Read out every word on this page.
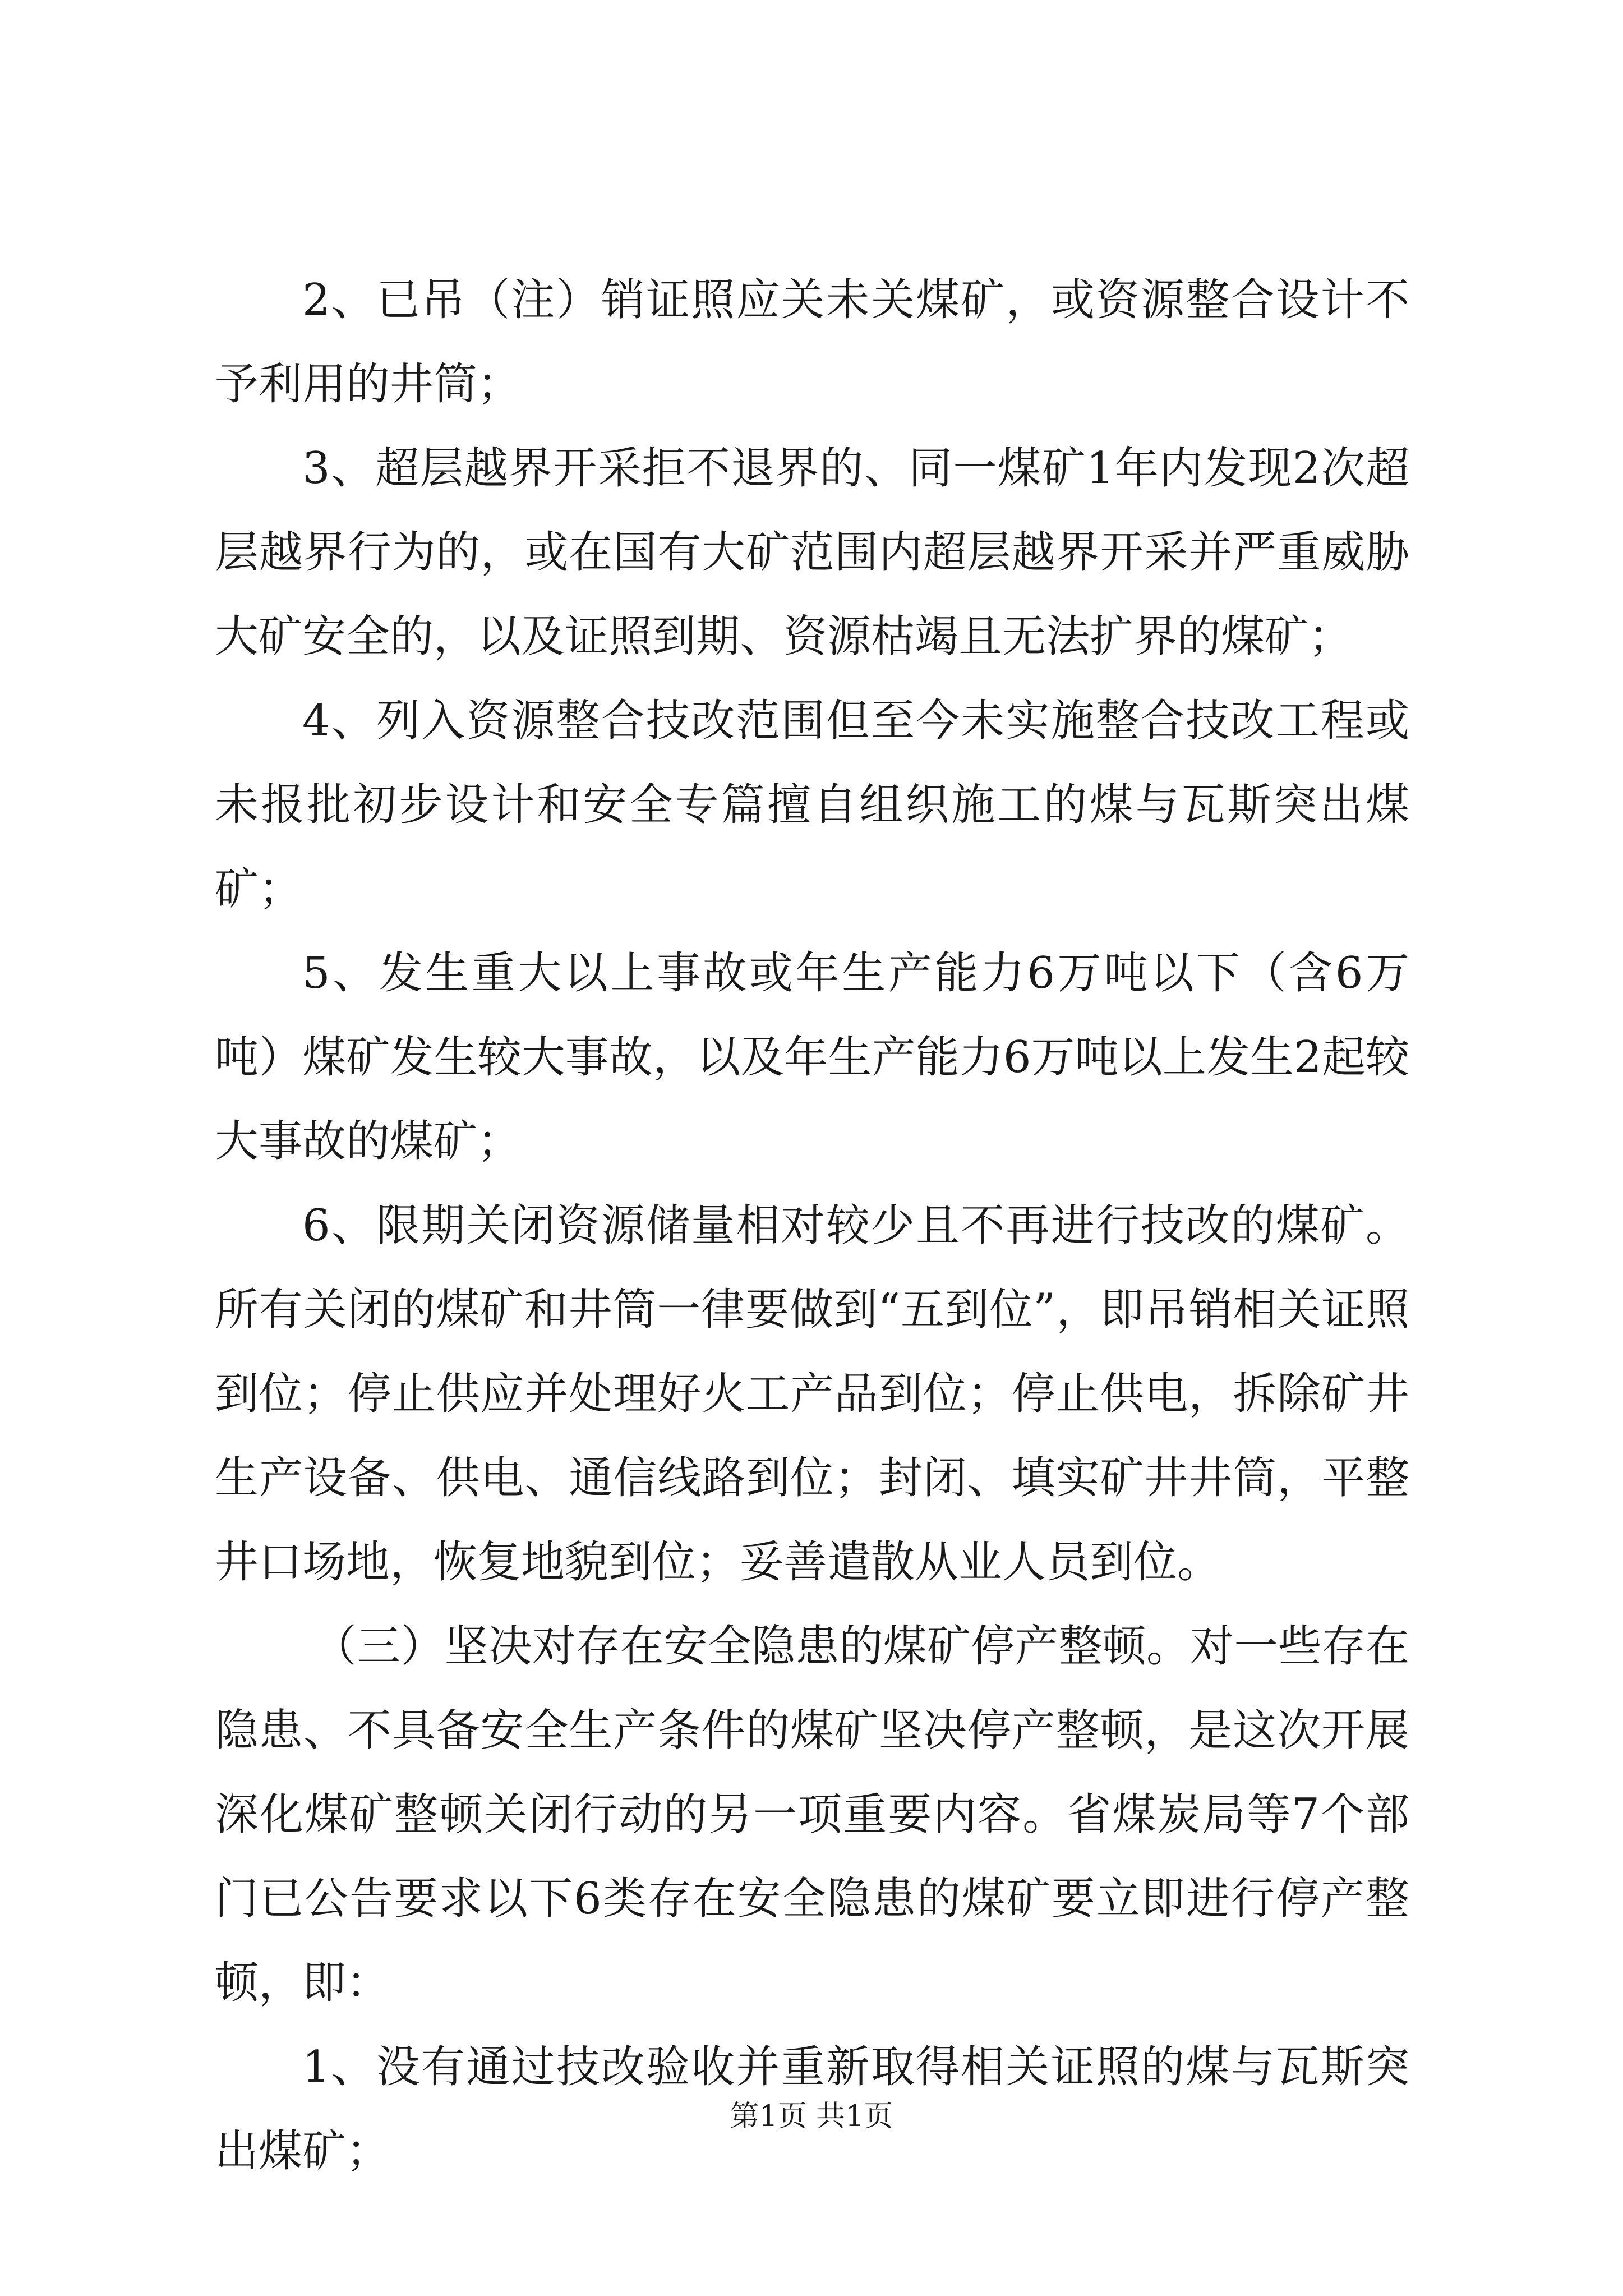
2、已吊（注）销证照应关未关煤矿，或资源整合设计不予利用的井筒；

3、超层越界开采拒不退界的、同一煤矿1年内发现2次超层越界行为的，或在国有大矿范围内超层越界开采并严重威胁大矿安全的，以及证照到期、资源枯竭且无法扩界的煤矿；

4、列入资源整合技改范围但至今未实施整合技改工程或未报批初步设计和安全专篇擅自组织施工的煤与瓦斯突出煤矿；

5、发生重大以上事故或年生产能力6万吨以下（含6万吨）煤矿发生较大事故，以及年生产能力6万吨以上发生2起较大事故的煤矿；

6、限期关闭资源储量相对较少且不再进行技改的煤矿。所有关闭的煤矿和井筒一律要做到“五到位”，即吊销相关证照到位；停止供应并处理好火工产品到位；停止供电，拆除矿井生产设备、供电、通信线路到位；封闭、填实矿井井筒，平整井口场地，恢复地貌到位；妥善遣散从业人员到位。

（三）坚决对存在安全隐患的煤矿停产整顿。对一些存在隐患、不具备安全生产条件的煤矿坚决停产整顿，是这次开展深化煤矿整顿关闭行动的另一项重要内容。省煤炭局等7个部门已公告要求以下6类存在安全隐患的煤矿要立即进行停产整顿，即：

1、没有通过技改验收并重新取得相关证照的煤与瓦斯突出煤矿；

第1页 共1页
